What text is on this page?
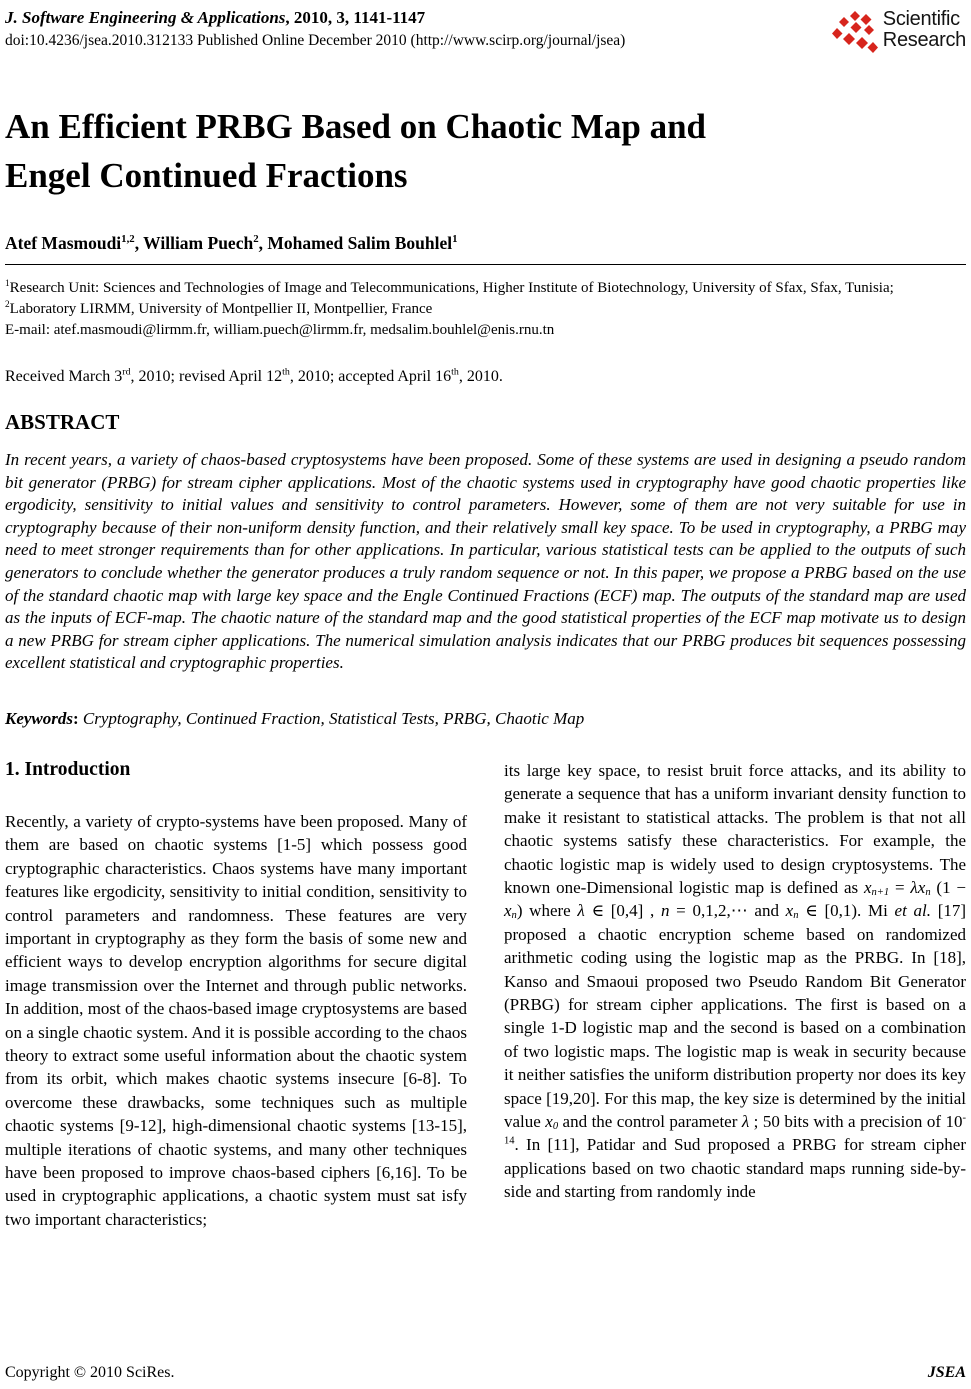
J. Software Engineering & Applications, 2010, 3, 1141-1147
doi:10.4236/jsea.2010.312133 Published Online December 2010 (http://www.scirp.org/journal/jsea)
Scientific
Research
An Efficient PRBG Based on Chaotic Map and
Engel Continued Fractions
Atef Masmoudi$^{1,2}$, William Puech$^2$, Mohamed Salim Bouhlel$^1$
$^1$Research Unit: Sciences and Technologies of Image and Telecommunications, Higher Institute of Biotechnology, University of Sfax, Sfax, Tunisia; $^2$Laboratory LIRMM, University of Montpellier II, Montpellier, France
E-mail: atef.masmoudi@lirmm.fr, william.puech@lirmm.fr, medsalim.bouhlel@enis.rnu.tn
Received March 3rd, 2010; revised April 12th, 2010; accepted April 16th, 2010.
ABSTRACT

In recent years, a variety of chaos-based cryptosystems have been proposed. Some of these systems are used in designing a pseudo random bit generator (PRBG) for stream cipher applications. Most of the chaotic systems used in cryptography have good chaotic properties like ergodicity, sensitivity to initial values and sensitivity to control parameters. However, some of them are not very suitable for use in cryptography because of their non-uniform density function, and their relatively small key space. To be used in cryptography, a PRBG may need to meet stronger requirements than for other applications. In particular, various statistical tests can be applied to the outputs of such generators to conclude whether the generator produces a truly random sequence or not. In this paper, we propose a PRBG based on the use of the standard chaotic map with large key space and the Engle Continued Fractions (ECF) map. The outputs of the standard map are used as the inputs of ECF-map. The chaotic nature of the standard map and the good statistical properties of the ECF map motivate us to design a new PRBG for stream cipher applications. The numerical simulation analysis indicates that our PRBG produces bit sequences possessing excellent statistical and cryptographic properties.

Keywords: Cryptography, Continued Fraction, Statistical Tests, PRBG, Chaotic Map
1. Introduction

Recently, a variety of crypto-systems have been proposed. Many of them are based on chaotic systems [1-5] which possess good cryptographic characteristics. Chaos systems have many important features like ergodicity, sensitivity to initial condition, sensitivity to control parameters and randomness. These features are very important in cryptography as they form the basis of some new and efficient ways to develop encryption algorithms for secure digital image transmission over the Internet and through public networks. In addition, most of the chaos-based image cryptosystems are based on a single chaotic system. And it is possible according to the chaos theory to extract some useful information about the chaotic system from its orbit, which makes chaotic systems insecure [6-8]. To overcome these drawbacks, some techniques such as multiple chaotic systems [9-12], high-dimensional chaotic systems [13-15], multiple iterations of chaotic systems, and many other techniques have been proposed to improve chaos-based ciphers [6,16]. To be used in cryptographic applications, a chaotic system must sat isfy two important characteristics;

its large key space, to resist bruit force attacks, and its ability to generate a sequence that has a uniform invariant density function to make it resistant to statistical attacks. The problem is that not all chaotic systems satisfy these characteristics. For example, the chaotic logistic map is widely used to design cryptosystems. The known one-Dimensional logistic map is defined as xn+1 = λxn (1 − xn) where λ ∈ [0,4] , n = 0,1,2,⋯ and xn ∈ [0,1). Mi et al. [17] proposed a chaotic encryption scheme based on randomized arithmetic coding using the logistic map as the PRBG. In [18], Kanso and Smaoui proposed two Pseudo Random Bit Generator (PRBG) for stream cipher applications. The first is based on a single 1-D logistic map and the second is based on a combination of two logistic maps. The logistic map is weak in security because it neither satisfies the uniform distribution property nor does its key space [19,20]. For this map, the key size is determined by the initial value x0 and the control parameter λ ; 50 bits with a precision of $10^{-14}$. In [11], Patidar and Sud proposed a PRBG for stream cipher applications based on two chaotic standard maps running side-by-side and starting from randomly inde

Copyright © 2010 SciRes.	JSEA
